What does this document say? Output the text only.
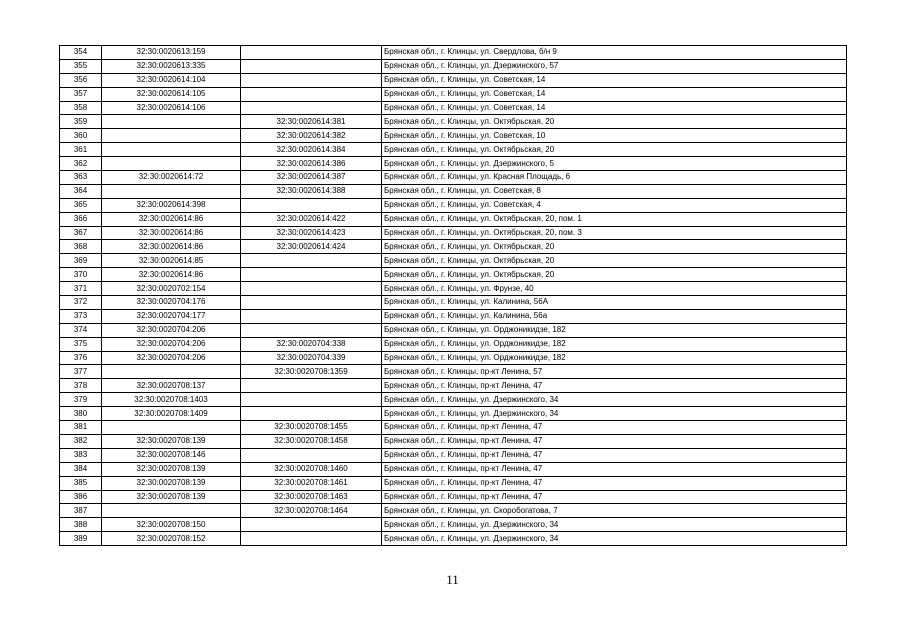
354	32:30:0020613:159		Брянская обл., г. Клинцы, ул. Свердлова, б/н 9
355	32:30:0020613:335		Брянская обл., г. Клинцы, ул. Дзержинского, 57
356	32:30:0020614:104		Брянская обл., г. Клинцы, ул. Советская, 14
357	32:30:0020614:105		Брянская обл., г. Клинцы, ул. Советская, 14
358	32:30:0020614:106		Брянская обл., г. Клинцы, ул. Советская, 14
359		32:30:0020614:381	Брянская обл., г. Клинцы, ул. Октябрьская, 20
360		32:30:0020614:382	Брянская обл., г. Клинцы, ул. Советская, 10
361		32:30:0020614:384	Брянская обл., г. Клинцы, ул. Октябрьская, 20
362		32:30:0020614:386	Брянская обл., г. Клинцы, ул. Дзержинского, 5
363	32:30:0020614:72	32:30:0020614:387	Брянская обл., г. Клинцы, ул. Красная Площадь, 6
364		32:30:0020614:388	Брянская обл., г. Клинцы, ул. Советская, 8
365	32:30:0020614:398		Брянская обл., г. Клинцы, ул. Советская, 4
366	32:30:0020614:86	32:30:0020614:422	Брянская обл., г. Клинцы, ул. Октябрьская, 20, пом. 1
367	32:30:0020614:86	32:30:0020614:423	Брянская обл., г. Клинцы, ул. Октябрьская, 20, пом. 3
368	32:30:0020614:86	32:30:0020614:424	Брянская обл., г. Клинцы, ул. Октябрьская, 20
369	32:30:0020614:85		Брянская обл., г. Клинцы, ул. Октябрьская, 20
370	32:30:0020614:86		Брянская обл., г. Клинцы, ул. Октябрьская, 20
371	32:30:0020702:154		Брянская обл., г. Клинцы, ул. Фрунзе, 40
372	32:30:0020704:176		Брянская обл., г. Клинцы, ул. Калинина, 56А
373	32:30:0020704:177		Брянская обл., г. Клинцы, ул. Калинина, 56а
374	32:30:0020704:206		Брянская обл., г. Клинцы, ул. Орджоникидзе, 182
375	32:30:0020704:206	32:30:0020704:338	Брянская обл., г. Клинцы, ул. Орджоникидзе, 182
376	32:30:0020704:206	32:30:0020704:339	Брянская обл., г. Клинцы, ул. Орджоникидзе, 182
377		32:30:0020708:1359	Брянская обл., г. Клинцы, пр-кт Ленина, 57
378	32:30:0020708:137		Брянская обл., г. Клинцы, пр-кт Ленина, 47
379	32:30:0020708:1403		Брянская обл., г. Клинцы, ул. Дзержинского, 34
380	32:30:0020708:1409		Брянская обл., г. Клинцы, ул. Дзержинского, 34
381		32:30:0020708:1455	Брянская обл., г. Клинцы, пр-кт Ленина, 47
382	32:30:0020708:139	32:30:0020708:1458	Брянская обл., г. Клинцы, пр-кт Ленина, 47
383	32:30:0020708:146		Брянская обл., г. Клинцы, пр-кт Ленина, 47
384	32:30:0020708:139	32:30:0020708:1460	Брянская обл., г. Клинцы, пр-кт Ленина, 47
385	32:30:0020708:139	32:30:0020708:1461	Брянская обл., г. Клинцы, пр-кт Ленина, 47
386	32:30:0020708:139	32:30:0020708:1463	Брянская обл., г. Клинцы, пр-кт Ленина, 47
387		32:30:0020708:1464	Брянская обл., г. Клинцы, ул. Скоробогатова, 7
388	32:30:0020708:150		Брянская обл., г. Клинцы, ул. Дзержинского, 34
389	32:30:0020708:152		Брянская обл., г. Клинцы, ул. Дзержинского, 34
11
